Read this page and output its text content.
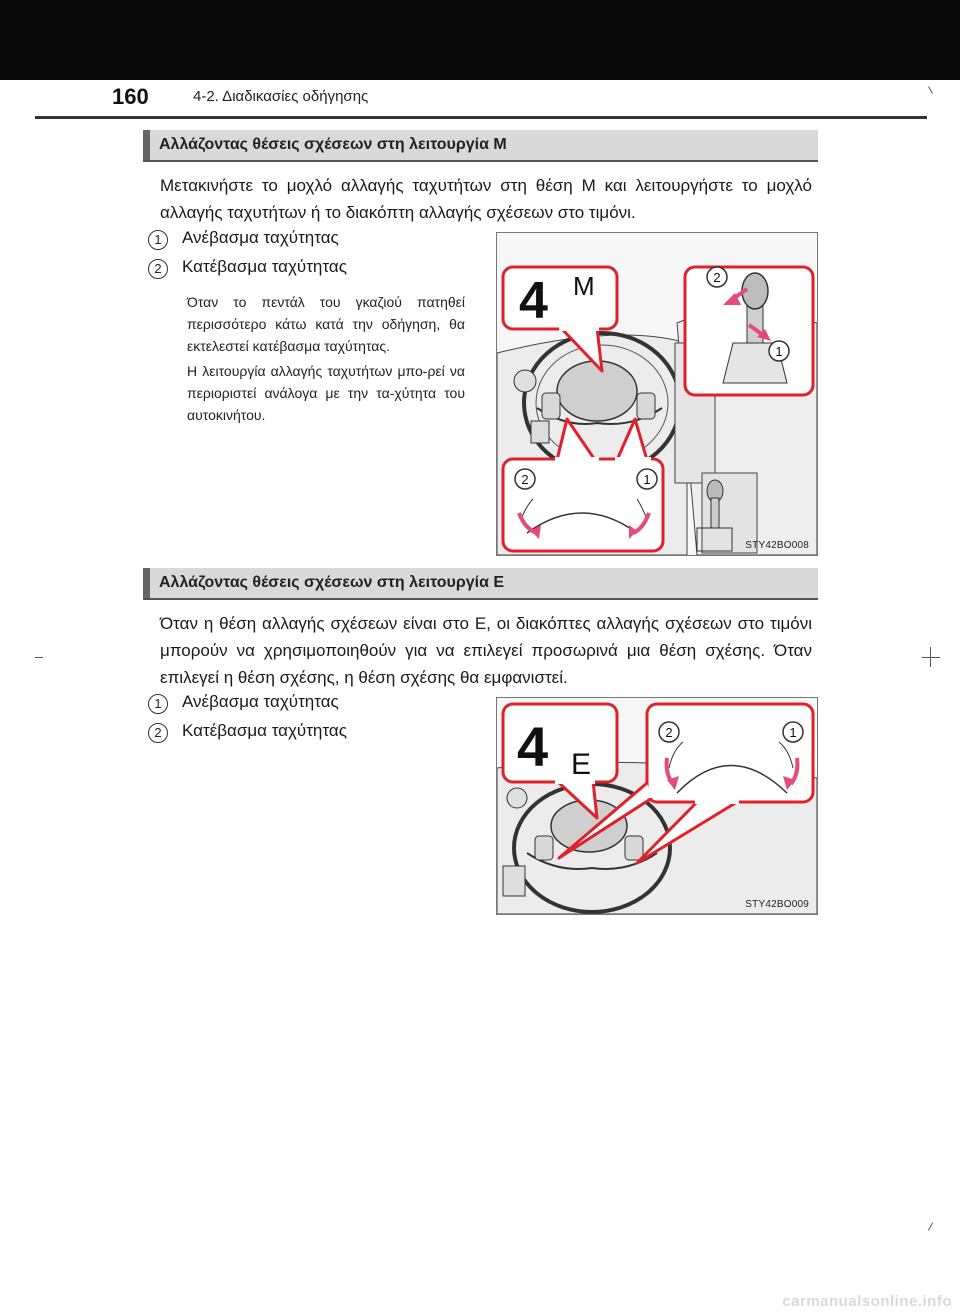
160	4-2. Διαδικασίες οδήγησης
Αλλάζοντας θέσεις σχέσεων στη λειτουργία M

Μετακινήστε το μοχλό αλλαγής ταχυτήτων στη θέση M και λειτουργήστε το μοχλό αλλαγής ταχυτήτων ή το διακόπτη αλλαγής σχέσεων στο τιμόνι.

1	Ανέβασμα ταχύτητας
2	Κατέβασμα ταχύτητας

Όταν το πεντάλ του γκαζιού πατηθεί περισσότερο κάτω κατά την οδήγηση, θα εκτελεστεί κατέβασμα ταχύτητας.

Η λειτουργία αλλαγής ταχυτήτων μπο-ρεί να περιοριστεί ανάλογα με την τα-χύτητα του αυτοκινήτου.

4 M	2
1
2	1
STY42BO008
Αλλάζοντας θέσεις σχέσεων στη λειτουργία E

Όταν η θέση αλλαγής σχέσεων είναι στο E, οι διακόπτες αλλαγής σχέσεων στο τιμόνι μπορούν να χρησιμοποιηθούν για να επιλεγεί προσωρινά μια θέση σχέσης. Όταν επιλεγεί η θέση σχέσης, η θέση σχέσης θα εμφανιστεί.

1	Ανέβασμα ταχύτητας
2	Κατέβασμα ταχύτητας	4 E
2	1
STY42BO009
carmanualsonline.info
